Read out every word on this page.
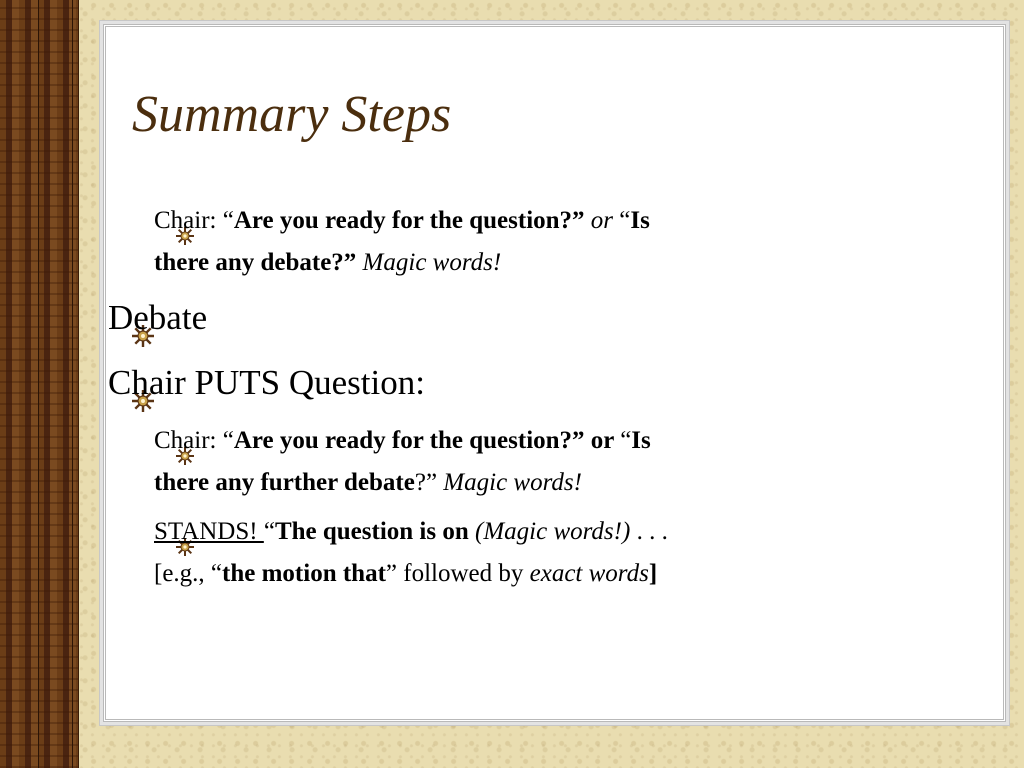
Summary Steps
Chair: “Are you ready for the question?” or “Is
there any debate?” Magic words!
Debate
Chair PUTS Question:
Chair: “Are you ready for the question?” or “Is
there any further debate?” Magic words!
STANDS! “The question is on (Magic words!) . . .
[e.g., “the motion that” followed by exact words]
